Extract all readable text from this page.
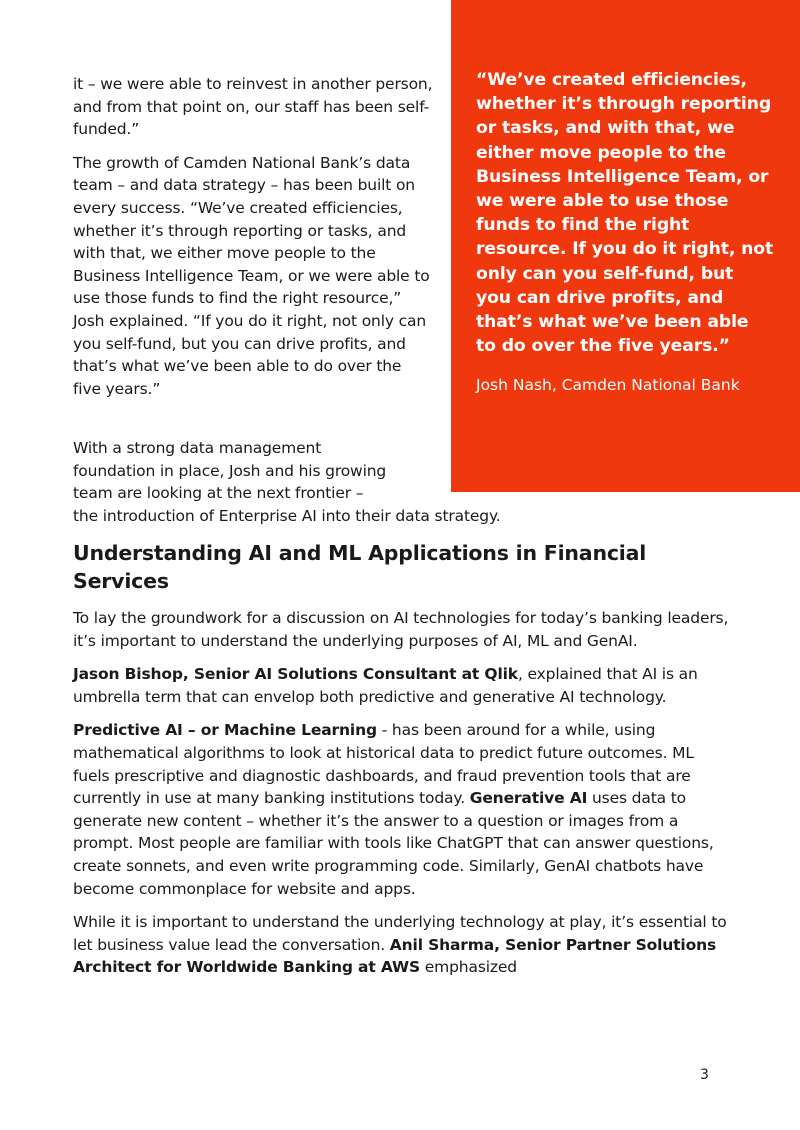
“We’ve created efficiencies, whether it’s through reporting or tasks, and with that, we either move people to the Business Intelligence Team, or we were able to use those funds to find the right resource. If you do it right, not only can you self-fund, but you can drive profits, and that’s what we’ve been able to do over the five years.”

Josh Nash, Camden National Bank

it – we were able to reinvest in another person, and from that point on, our staff has been self-funded.”

The growth of Camden National Bank’s data team – and data strategy – has been built on every success. “We’ve created efficiencies, whether it’s through reporting or tasks, and with that, we either move people to the Business Intelligence Team, or we were able to use those funds to find the right resource,” Josh explained. “If you do it right, not only can you self-fund, but you can drive profits, and that’s what we’ve been able to do over the five years.”

With a strong data management
foundation in place, Josh and his growing
team are looking at the next frontier –
the introduction of Enterprise AI into their data strategy.

Understanding AI and ML Applications in Financial Services

To lay the groundwork for a discussion on AI technologies for today’s banking leaders, it’s important to understand the underlying purposes of AI, ML and GenAI.

Jason Bishop, Senior AI Solutions Consultant at Qlik, explained that AI is an umbrella term that can envelop both predictive and generative AI technology.

Predictive AI – or Machine Learning - has been around for a while, using mathematical algorithms to look at historical data to predict future outcomes. ML fuels prescriptive and diagnostic dashboards, and fraud prevention tools that are currently in use at many banking institutions today. Generative AI uses data to generate new content – whether it’s the answer to a question or images from a prompt. Most people are familiar with tools like ChatGPT that can answer questions, create sonnets, and even write programming code. Similarly, GenAI chatbots have become commonplace for website and apps.

While it is important to understand the underlying technology at play, it’s essential to let business value lead the conversation. Anil Sharma, Senior Partner Solutions Architect for Worldwide Banking at AWS emphasized

3
